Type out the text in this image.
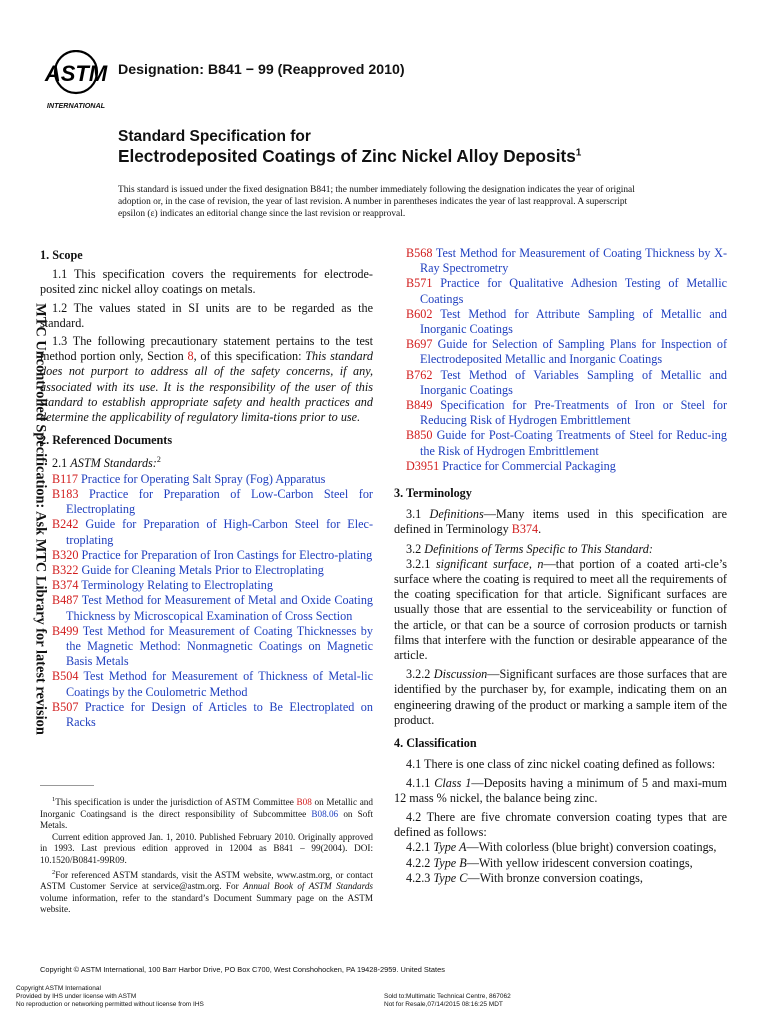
ASTM
INTERNATIONAL
Designation: B841 − 99 (Reapproved 2010)
Standard Specification for
Electrodeposited Coatings of Zinc Nickel Alloy Deposits$^1$
This standard is issued under the fixed designation B841; the number immediately following the designation indicates the year of original adoption or, in the case of revision, the year of last revision. A number in parentheses indicates the year of last reapproval. A superscript epsilon (ε) indicates an editorial change since the last revision or reapproval.
MTC Uncontrolled Specification: Ask MTC Library for latest revision

1. Scope

1.1 This specification covers the requirements for electrode-posited zinc nickel alloy coatings on metals.

1.2 The values stated in SI units are to be regarded as the standard.

1.3 The following precautionary statement pertains to the test method portion only, Section 8, of this specification: This standard does not purport to address all of the safety concerns, if any, associated with its use. It is the responsibility of the user of this standard to establish appropriate safety and health practices and determine the applicability of regulatory limita-tions prior to use.

2. Referenced Documents

2.1 ASTM Standards:$^2$

B117 Practice for Operating Salt Spray (Fog) Apparatus

B183 Practice for Preparation of Low-Carbon Steel for Electroplating

B242 Guide for Preparation of High-Carbon Steel for Elec-troplating

B320 Practice for Preparation of Iron Castings for Electro-plating

B322 Guide for Cleaning Metals Prior to Electroplating

B374 Terminology Relating to Electroplating

B487 Test Method for Measurement of Metal and Oxide Coating Thickness by Microscopical Examination of Cross Section

B499 Test Method for Measurement of Coating Thicknesses by the Magnetic Method: Nonmagnetic Coatings on Magnetic Basis Metals

B504 Test Method for Measurement of Thickness of Metal-lic Coatings by the Coulometric Method

B507 Practice for Design of Articles to Be Electroplated on Racks

$^1$This specification is under the jurisdiction of ASTM Committee B08 on Metallic and Inorganic Coatingsand is the direct responsibility of Subcommittee B08.06 on Soft Metals.

Current edition approved Jan. 1, 2010. Published February 2010. Originally approved in 1993. Last previous edition approved in 12004 as B841 – 99(2004). DOI: 10.1520/B0841-99R09.

$^2$For referenced ASTM standards, visit the ASTM website, www.astm.org, or contact ASTM Customer Service at service@astm.org. For Annual Book of ASTM Standards volume information, refer to the standard’s Document Summary page on the ASTM website.

B568 Test Method for Measurement of Coating Thickness by X-Ray Spectrometry

B571 Practice for Qualitative Adhesion Testing of Metallic Coatings

B602 Test Method for Attribute Sampling of Metallic and Inorganic Coatings

B697 Guide for Selection of Sampling Plans for Inspection of Electrodeposited Metallic and Inorganic Coatings

B762 Test Method of Variables Sampling of Metallic and Inorganic Coatings

B849 Specification for Pre-Treatments of Iron or Steel for Reducing Risk of Hydrogen Embrittlement

B850 Guide for Post-Coating Treatments of Steel for Reduc-ing the Risk of Hydrogen Embrittlement

D3951 Practice for Commercial Packaging

3. Terminology

3.1 Definitions—Many items used in this specification are defined in Terminology B374.

3.2 Definitions of Terms Specific to This Standard:

3.2.1 significant surface, n—that portion of a coated arti-cle’s surface where the coating is required to meet all the requirements of the coating specification for that article. Significant surfaces are usually those that are essential to the serviceability or function of the article, or that can be a source of corrosion products or tarnish films that interfere with the function or desirable appearance of the article.

3.2.2 Discussion—Significant surfaces are those surfaces that are identified by the purchaser by, for example, indicating them on an engineering drawing of the product or marking a sample item of the product.

4. Classification

4.1 There is one class of zinc nickel coating defined as follows:

4.1.1 Class 1—Deposits having a minimum of 5 and maxi-mum 12 mass % nickel, the balance being zinc.

4.2 There are five chromate conversion coating types that are defined as follows:

4.2.1 Type A—With colorless (blue bright) conversion coatings,

4.2.2 Type B—With yellow iridescent conversion coatings,

4.2.3 Type C—With bronze conversion coatings,

Copyright © ASTM International, 100 Barr Harbor Drive, PO Box C700, West Conshohocken, PA 19428-2959. United States
Copyright ASTM International
Provided by IHS under license with ASTM
No reproduction or networking permitted without license from IHS
Sold to:Multimatic Technical Centre, 867062
Not for Resale,07/14/2015 08:16:25 MDT
